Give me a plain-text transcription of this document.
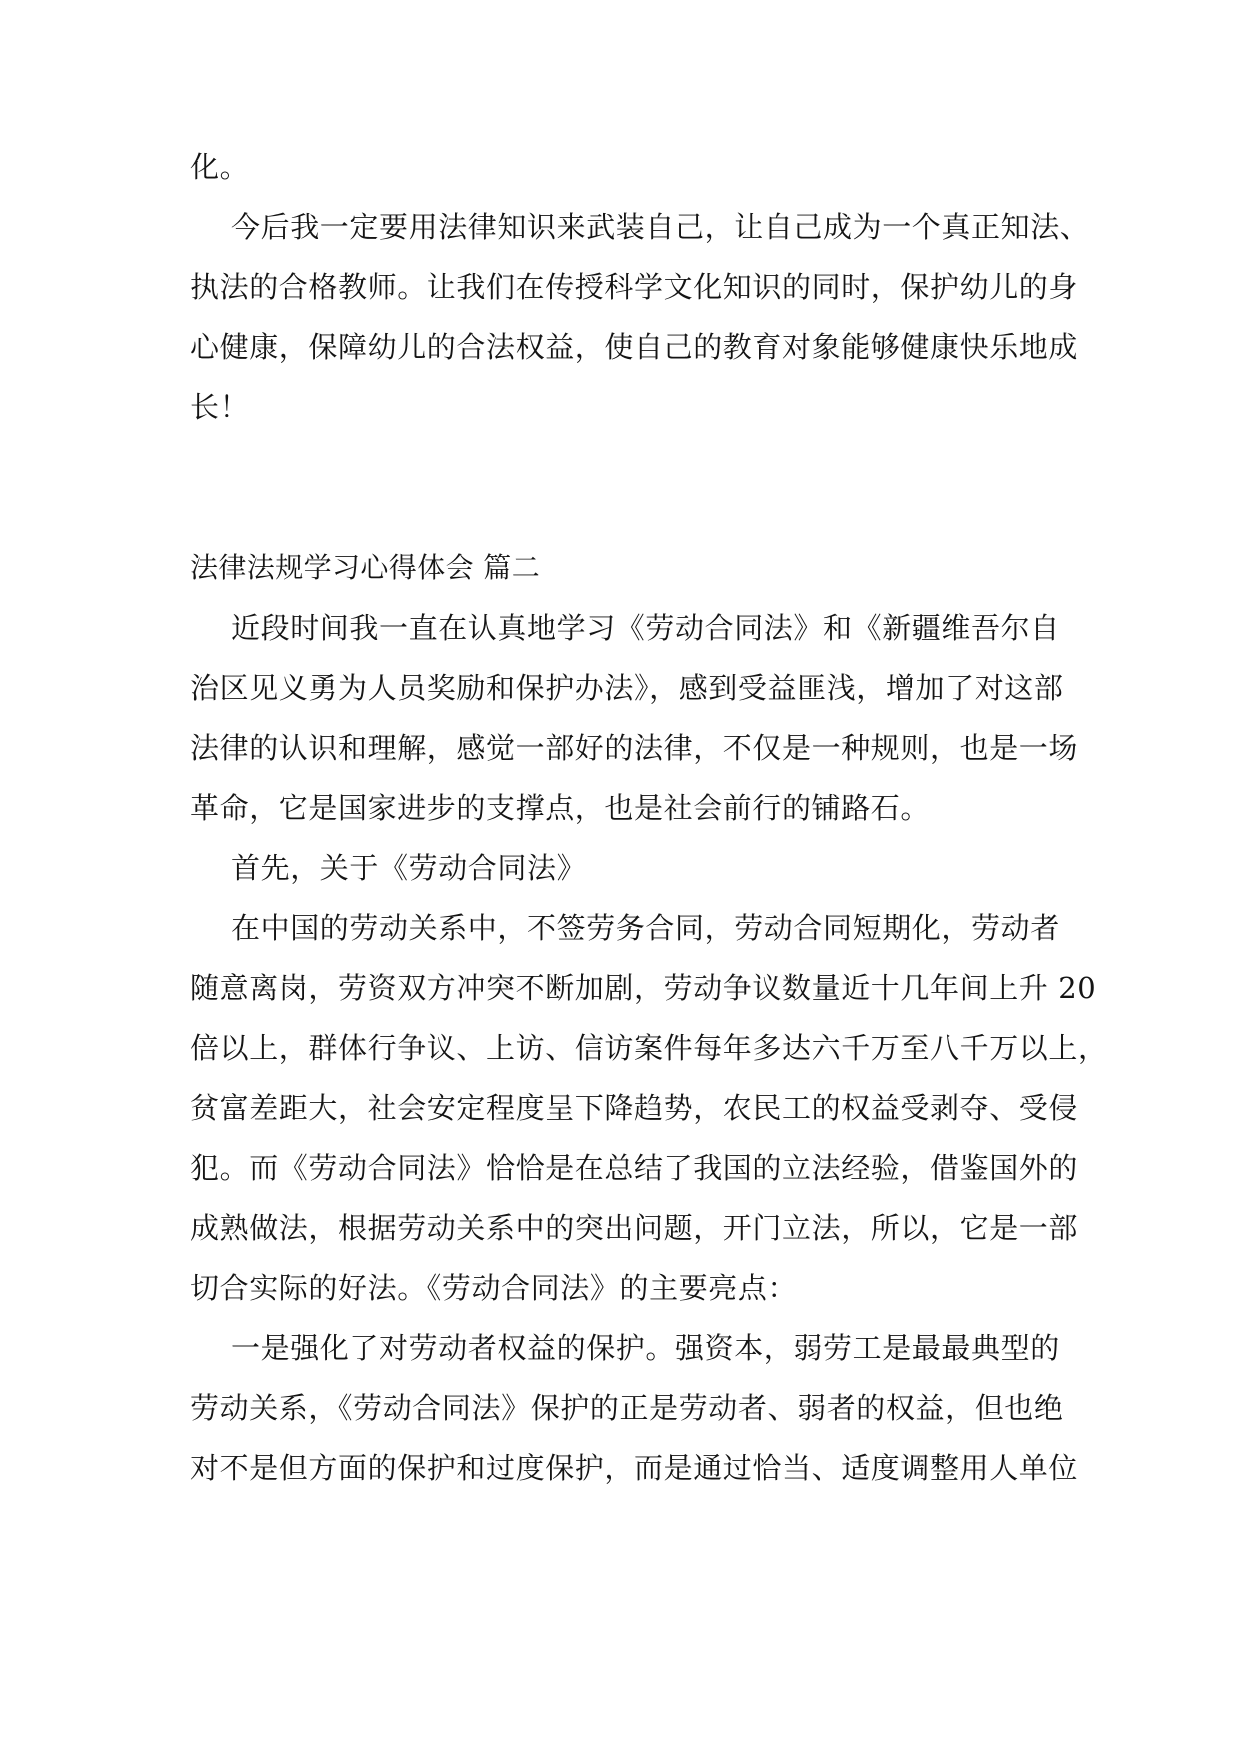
化。
今后我一定要用法律知识来武装自己，让自己成为一个真正知法、
执法的合格教师。让我们在传授科学文化知识的同时，保护幼儿的身
心健康，保障幼儿的合法权益，使自己的教育对象能够健康快乐地成
长！
法律法规学习心得体会 篇二
近段时间我一直在认真地学习《劳动合同法》和《新疆维吾尔自
治区见义勇为人员奖励和保护办法》，感到受益匪浅，增加了对这部
法律的认识和理解，感觉一部好的法律，不仅是一种规则，也是一场
革命，它是国家进步的支撑点，也是社会前行的铺路石。
首先，关于《劳动合同法》
在中国的劳动关系中，不签劳务合同，劳动合同短期化，劳动者
随意离岗，劳资双方冲突不断加剧，劳动争议数量近十几年间上升 20
倍以上，群体行争议、上访、信访案件每年多达六千万至八千万以上，
贫富差距大，社会安定程度呈下降趋势，农民工的权益受剥夺、受侵
犯。而《劳动合同法》恰恰是在总结了我国的立法经验，借鉴国外的
成熟做法，根据劳动关系中的突出问题，开门立法，所以，它是一部
切合实际的好法。《劳动合同法》的主要亮点：
一是强化了对劳动者权益的保护。强资本，弱劳工是最最典型的
劳动关系，《劳动合同法》保护的正是劳动者、弱者的权益，但也绝
对不是但方面的保护和过度保护，而是通过恰当、适度调整用人单位
